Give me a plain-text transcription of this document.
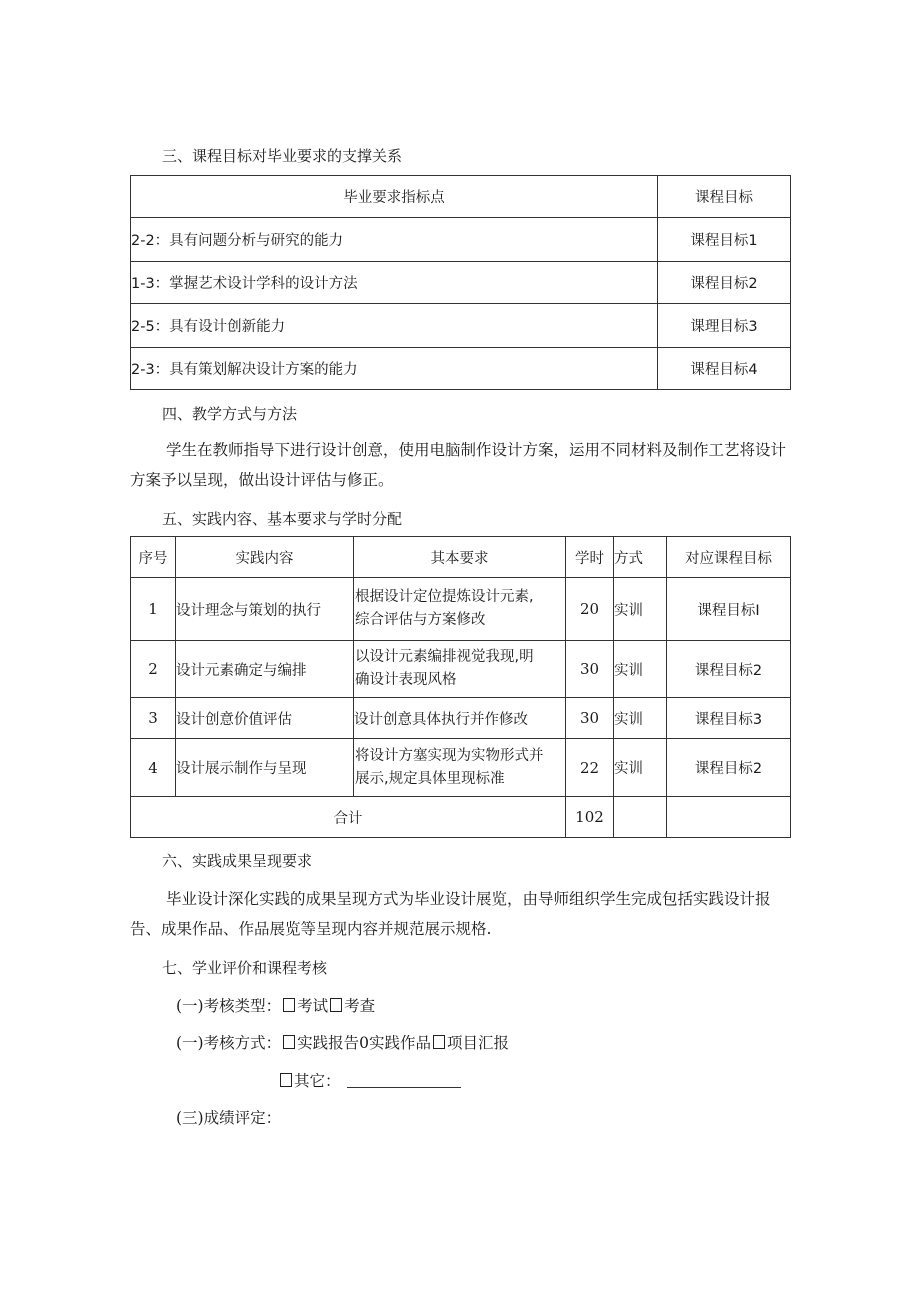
三、课程目标对毕业要求的支撑关系
毕业要求指标点	课程目标
2-2：具有问题分析与研究的能力	课程目标1
1-3：掌握艺术设计学科的设计方法	课程目标2
2-5：具有设计创新能力	课理目标3
2-3：具有策划解决设计方案的能力	课程目标4
四、教学方式与方法
学生在教师指导下进行设计创意，使用电脑制作设计方案，运用不同材料及制作工艺将设计方案予以呈现，做出设计评估与修正。
五、实践内容、基本要求与学时分配
序号	实践内容	其本要求	学时	方式	对应课程目标
1	设计理念与策划的执行	根据设计定位提炼设计元素,
综合评估与方案修改	20	实训	课程目标I
2	设计元素确定与编排	以设计元素编排视觉我现,明
确设计表现风格	30	实训	课程目标2
3	设计创意价值评估	设计创意具体执行并作修改	30	实训	课程目标3
4	设计展示制作与呈现	将设计方塞实现为实物形式并
展示,规定具体里现标准	22	实训	课程目标2
合计			102		
六、实践成果呈现要求
毕业设计深化实践的成果呈现方式为毕业设计展览，由导师组织学生完成包括实践设计报告、成果作品、作品展览等呈现内容并规范展示规格.
七、学业评价和课程考核
(一)考核类型： 考试 考查
(一)考核方式： 实践报告0实践作品 项目汇报
其它：
(三)成绩评定：
